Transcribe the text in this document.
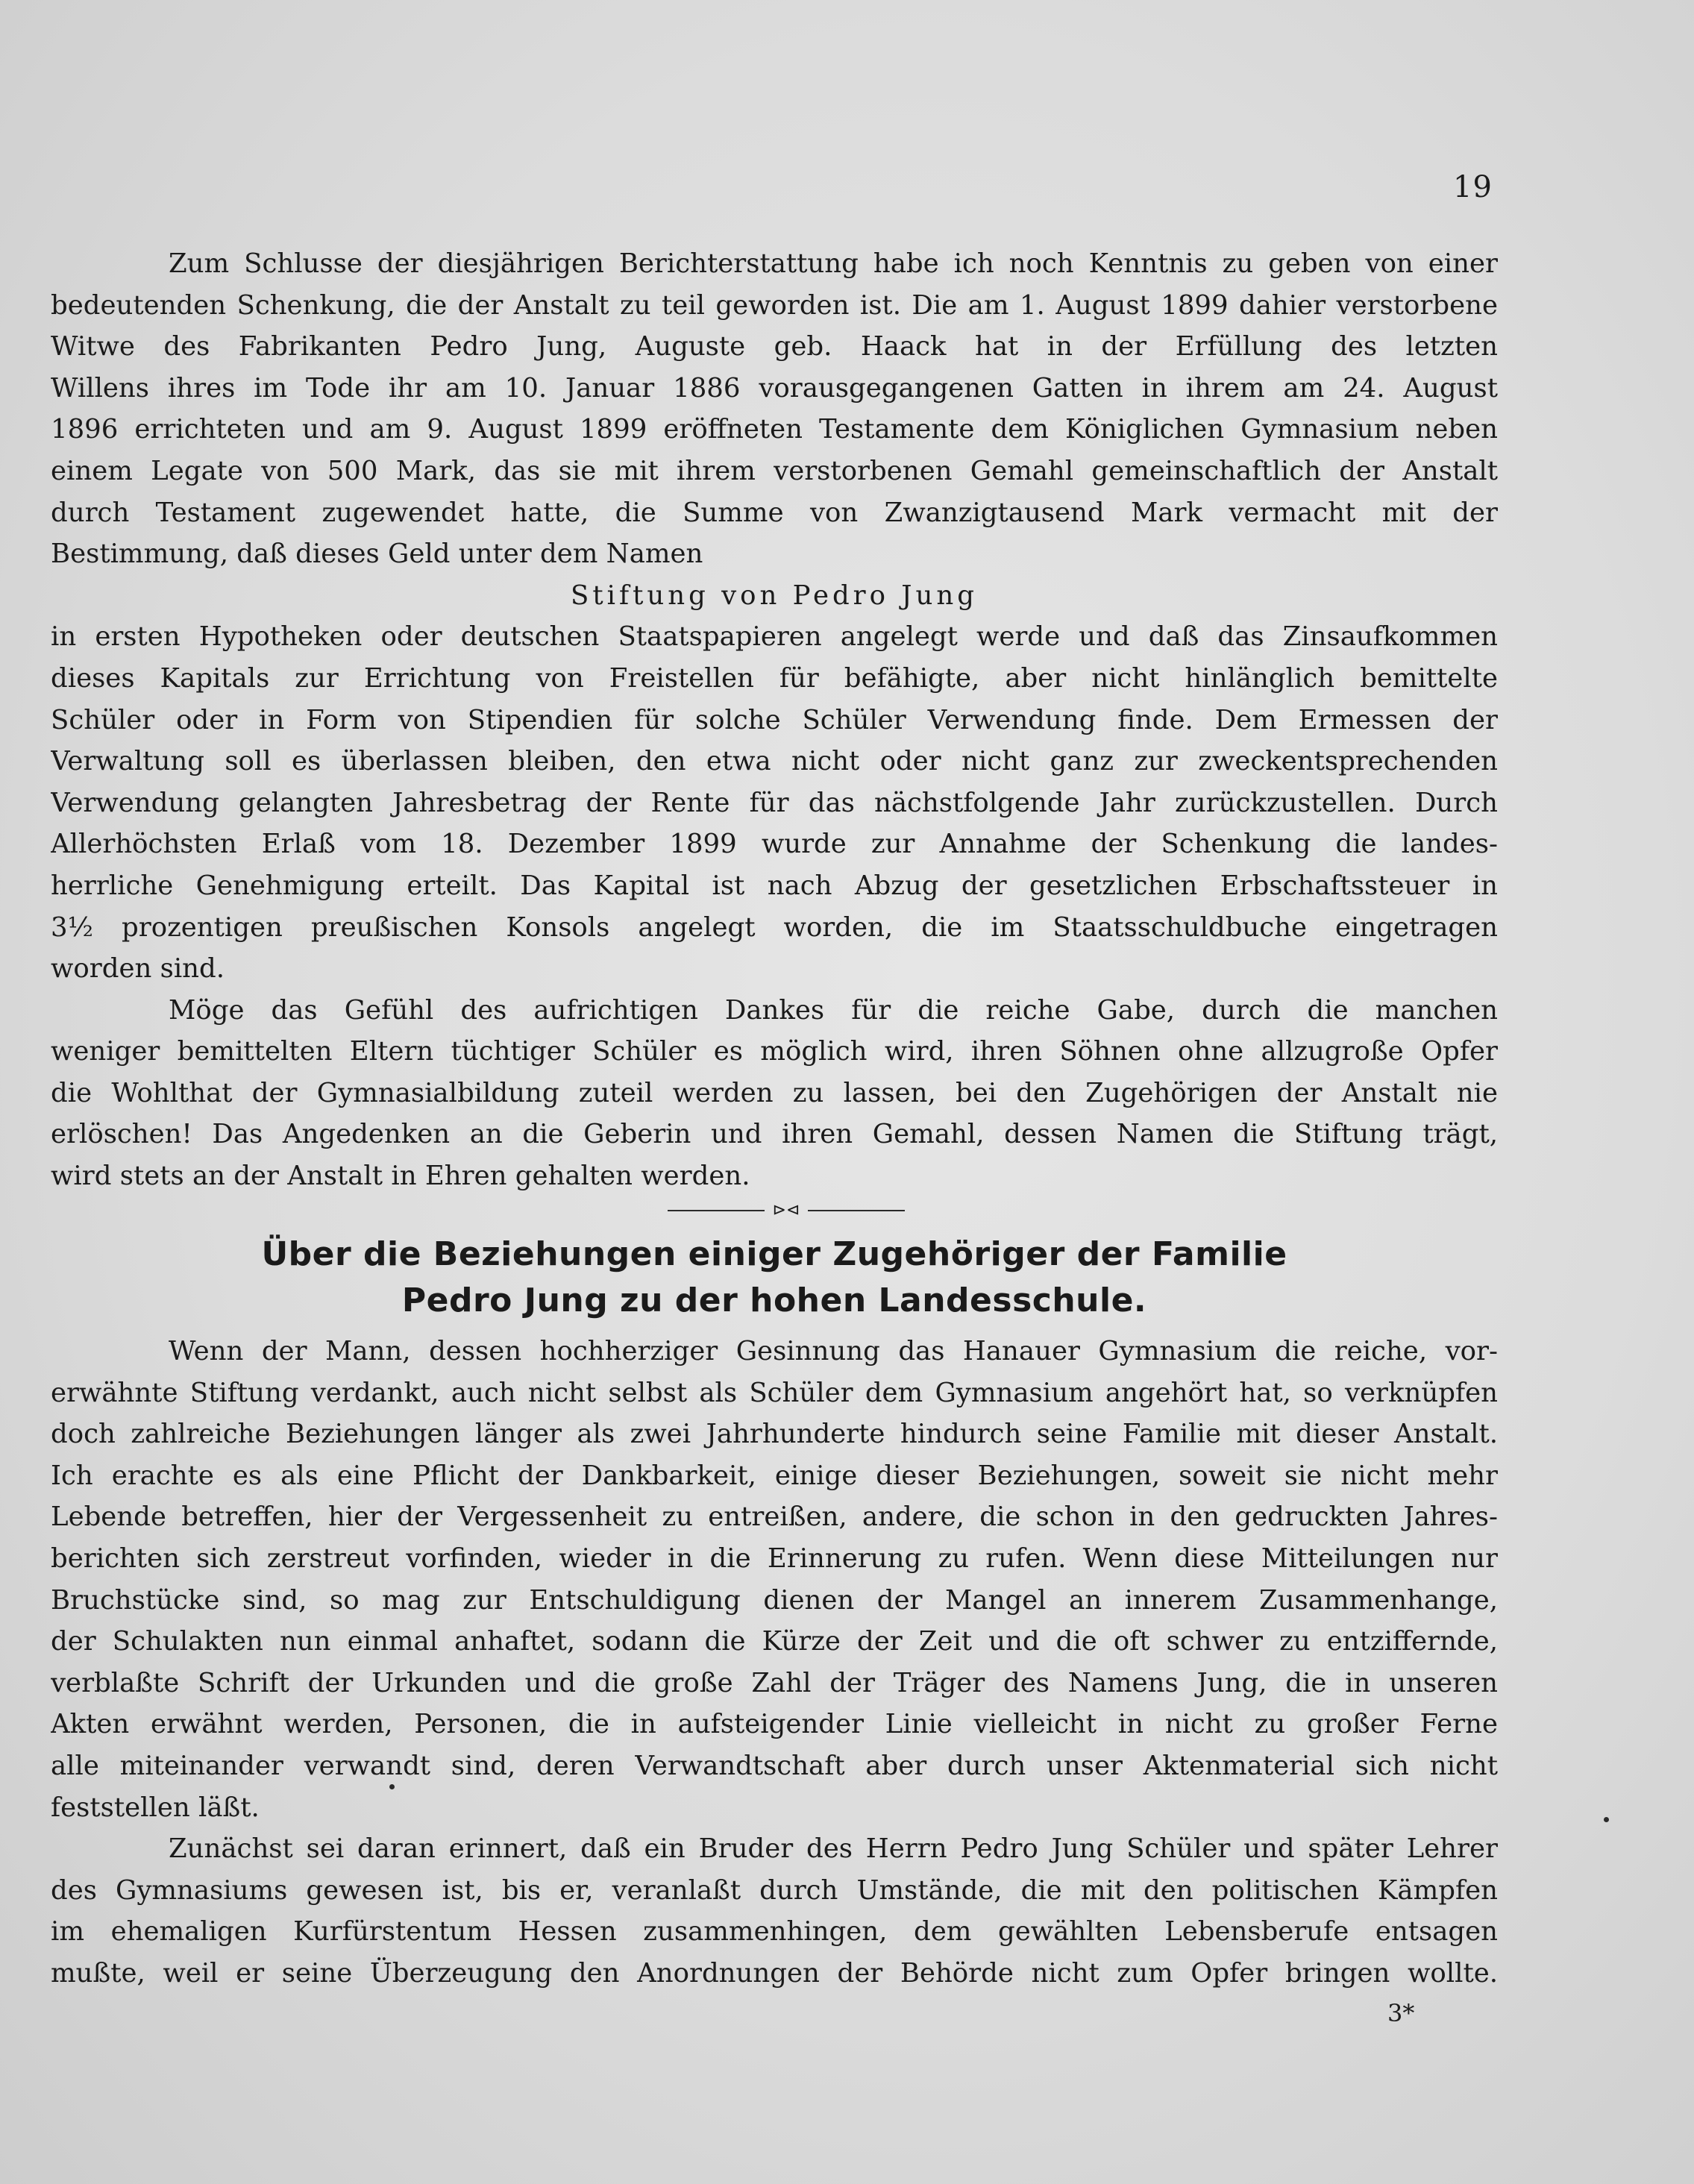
19
Zum Schlusse der diesjährigen Berichterstattung habe ich noch Kenntnis zu geben von einer
bedeutenden Schenkung, die der Anstalt zu teil geworden ist. Die am 1. August 1899 dahier verstorbene
Witwe des Fabrikanten Pedro Jung, Auguste geb. Haack hat in der Erfüllung des letzten
Willens ihres im Tode ihr am 10. Januar 1886 vorausgegangenen Gatten in ihrem am 24. August
1896 errichteten und am 9. August 1899 eröffneten Testamente dem Königlichen Gymnasium neben
einem Legate von 500 Mark, das sie mit ihrem verstorbenen Gemahl gemeinschaftlich der Anstalt
durch Testament zugewendet hatte, die Summe von Zwanzigtausend Mark vermacht mit der
Bestimmung, daß dieses Geld unter dem Namen
Stiftung von Pedro Jung
in ersten Hypotheken oder deutschen Staatspapieren angelegt werde und daß das Zinsaufkommen
dieses Kapitals zur Errichtung von Freistellen für befähigte, aber nicht hinlänglich bemittelte
Schüler oder in Form von Stipendien für solche Schüler Verwendung finde. Dem Ermessen der
Verwaltung soll es überlassen bleiben, den etwa nicht oder nicht ganz zur zweckentsprechenden
Verwendung gelangten Jahresbetrag der Rente für das nächstfolgende Jahr zurückzustellen. Durch
Allerhöchsten Erlaß vom 18. Dezember 1899 wurde zur Annahme der Schenkung die landes-
herrliche Genehmigung erteilt. Das Kapital ist nach Abzug der gesetzlichen Erbschaftssteuer in
3½ prozentigen preußischen Konsols angelegt worden, die im Staatsschuldbuche eingetragen
worden sind.
Möge das Gefühl des aufrichtigen Dankes für die reiche Gabe, durch die manchen
weniger bemittelten Eltern tüchtiger Schüler es möglich wird, ihren Söhnen ohne allzugroße Opfer
die Wohlthat der Gymnasialbildung zuteil werden zu lassen, bei den Zugehörigen der Anstalt nie
erlöschen! Das Angedenken an die Geberin und ihren Gemahl, dessen Namen die Stiftung trägt,
wird stets an der Anstalt in Ehren gehalten werden.
⊳⊲
Über die Beziehungen einiger Zugehöriger der Familie
Pedro Jung zu der hohen Landesschule.
Wenn der Mann, dessen hochherziger Gesinnung das Hanauer Gymnasium die reiche, vor-
erwähnte Stiftung verdankt, auch nicht selbst als Schüler dem Gymnasium angehört hat, so verknüpfen
doch zahlreiche Beziehungen länger als zwei Jahrhunderte hindurch seine Familie mit dieser Anstalt.
Ich erachte es als eine Pflicht der Dankbarkeit, einige dieser Beziehungen, soweit sie nicht mehr
Lebende betreffen, hier der Vergessenheit zu entreißen, andere, die schon in den gedruckten Jahres-
berichten sich zerstreut vorfinden, wieder in die Erinnerung zu rufen. Wenn diese Mitteilungen nur
Bruchstücke sind, so mag zur Entschuldigung dienen der Mangel an innerem Zusammenhange,
der Schulakten nun einmal anhaftet, sodann die Kürze der Zeit und die oft schwer zu entziffernde,
verblaßte Schrift der Urkunden und die große Zahl der Träger des Namens Jung, die in unseren
Akten erwähnt werden, Personen, die in aufsteigender Linie vielleicht in nicht zu großer Ferne
alle miteinander verwandt sind, deren Verwandtschaft aber durch unser Aktenmaterial sich nicht
feststellen läßt.
Zunächst sei daran erinnert, daß ein Bruder des Herrn Pedro Jung Schüler und später Lehrer
des Gymnasiums gewesen ist, bis er, veranlaßt durch Umstände, die mit den politischen Kämpfen
im ehemaligen Kurfürstentum Hessen zusammenhingen, dem gewählten Lebensberufe entsagen
mußte, weil er seine Überzeugung den Anordnungen der Behörde nicht zum Opfer bringen wollte.
3*
